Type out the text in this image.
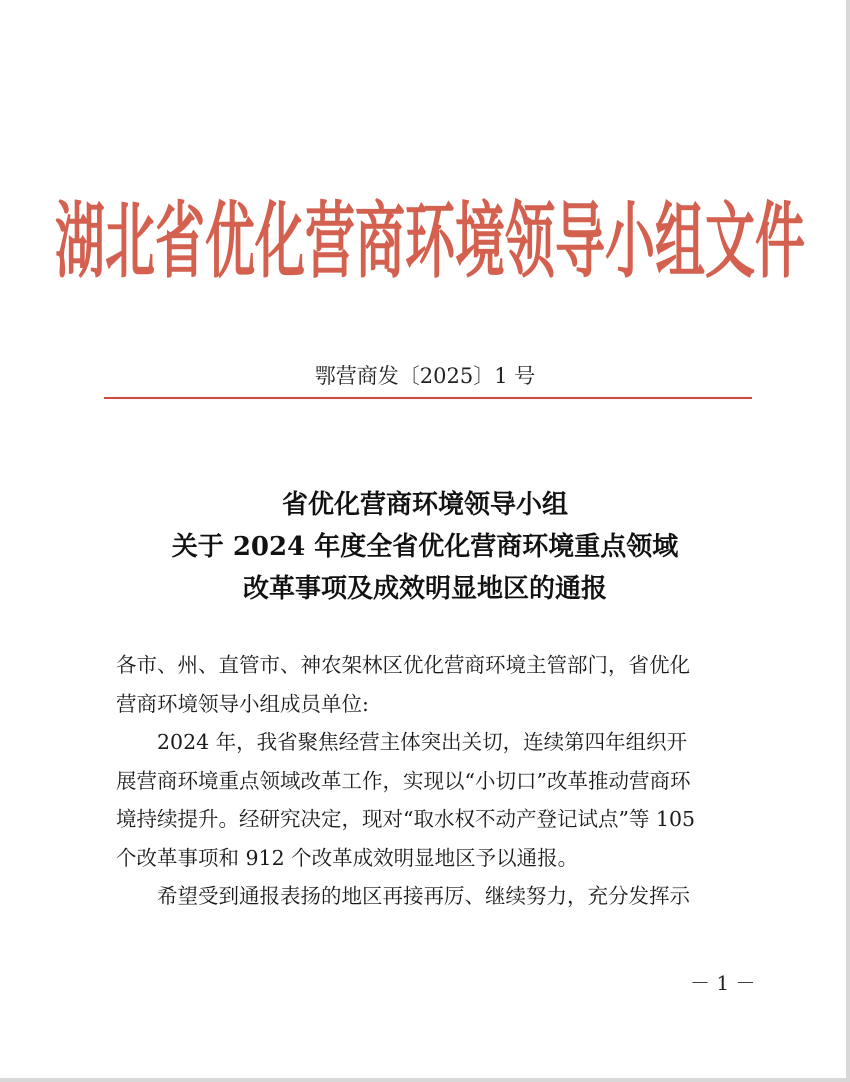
湖北省优化营商环境领导小组文件
鄂营商发〔2025〕1 号
省优化营商环境领导小组
关于 2024 年度全省优化营商环境重点领域
改革事项及成效明显地区的通报

各市、州、直管市、神农架林区优化营商环境主管部门，省优化

营商环境领导小组成员单位:

2024 年，我省聚焦经营主体突出关切，连续第四年组织开

展营商环境重点领域改革工作，实现以“小切口”改革推动营商环

境持续提升。经研究决定，现对“取水权不动产登记试点”等 105

个改革事项和 912 个改革成效明显地区予以通报。

希望受到通报表扬的地区再接再厉、继续努力，充分发挥示

－ 1 －
